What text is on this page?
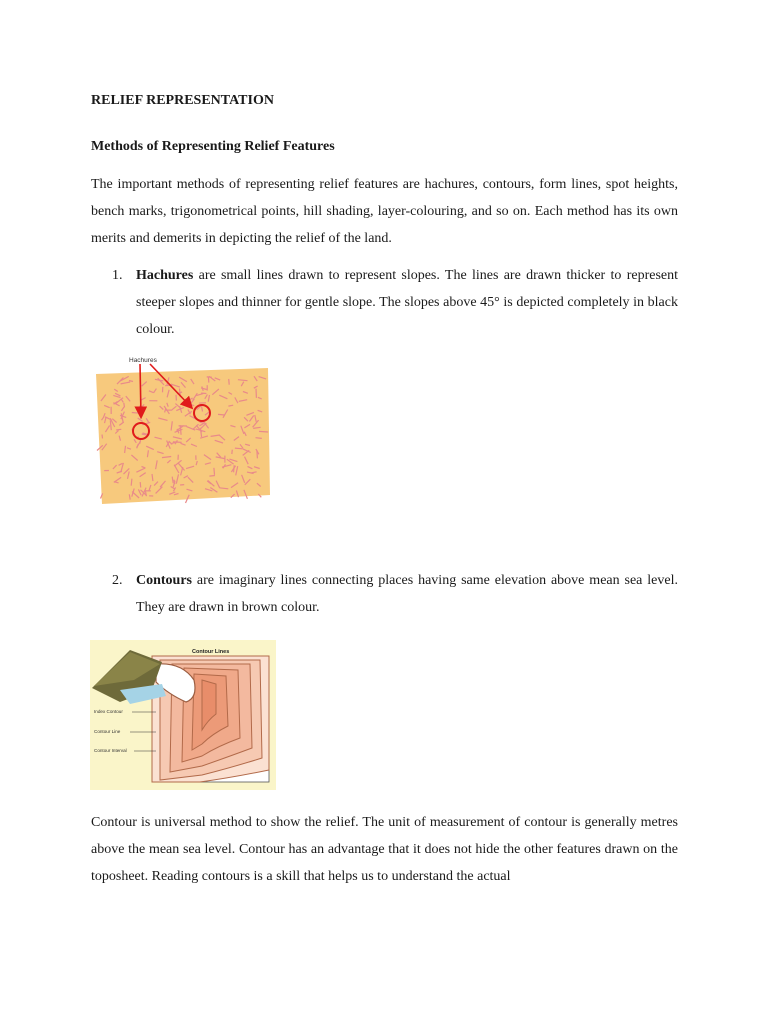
RELIEF REPRESENTATION
Methods of Representing Relief Features

The important methods of representing relief features are hachures, contours, form lines, spot heights, bench marks, trigonometrical points, hill shading, layer-colouring, and so on. Each method has its own merits and demerits in depicting the relief of the land.

1. Hachures are small lines drawn to represent slopes. The lines are drawn thicker to represent steeper slopes and thinner for gentle slope. The slopes above 45° is depicted completely in black colour.

Hachures
2. Contours are imaginary lines connecting places having same elevation above mean sea level. They are drawn in brown colour.

Contour Lines
Index Contour
Contour Line
Contour Interval

Contour is universal method to show the relief. The unit of measurement of contour is generally metres above the mean sea level. Contour has an advantage that it does not hide the other features drawn on the toposheet. Reading contours is a skill that helps us to understand the actual
